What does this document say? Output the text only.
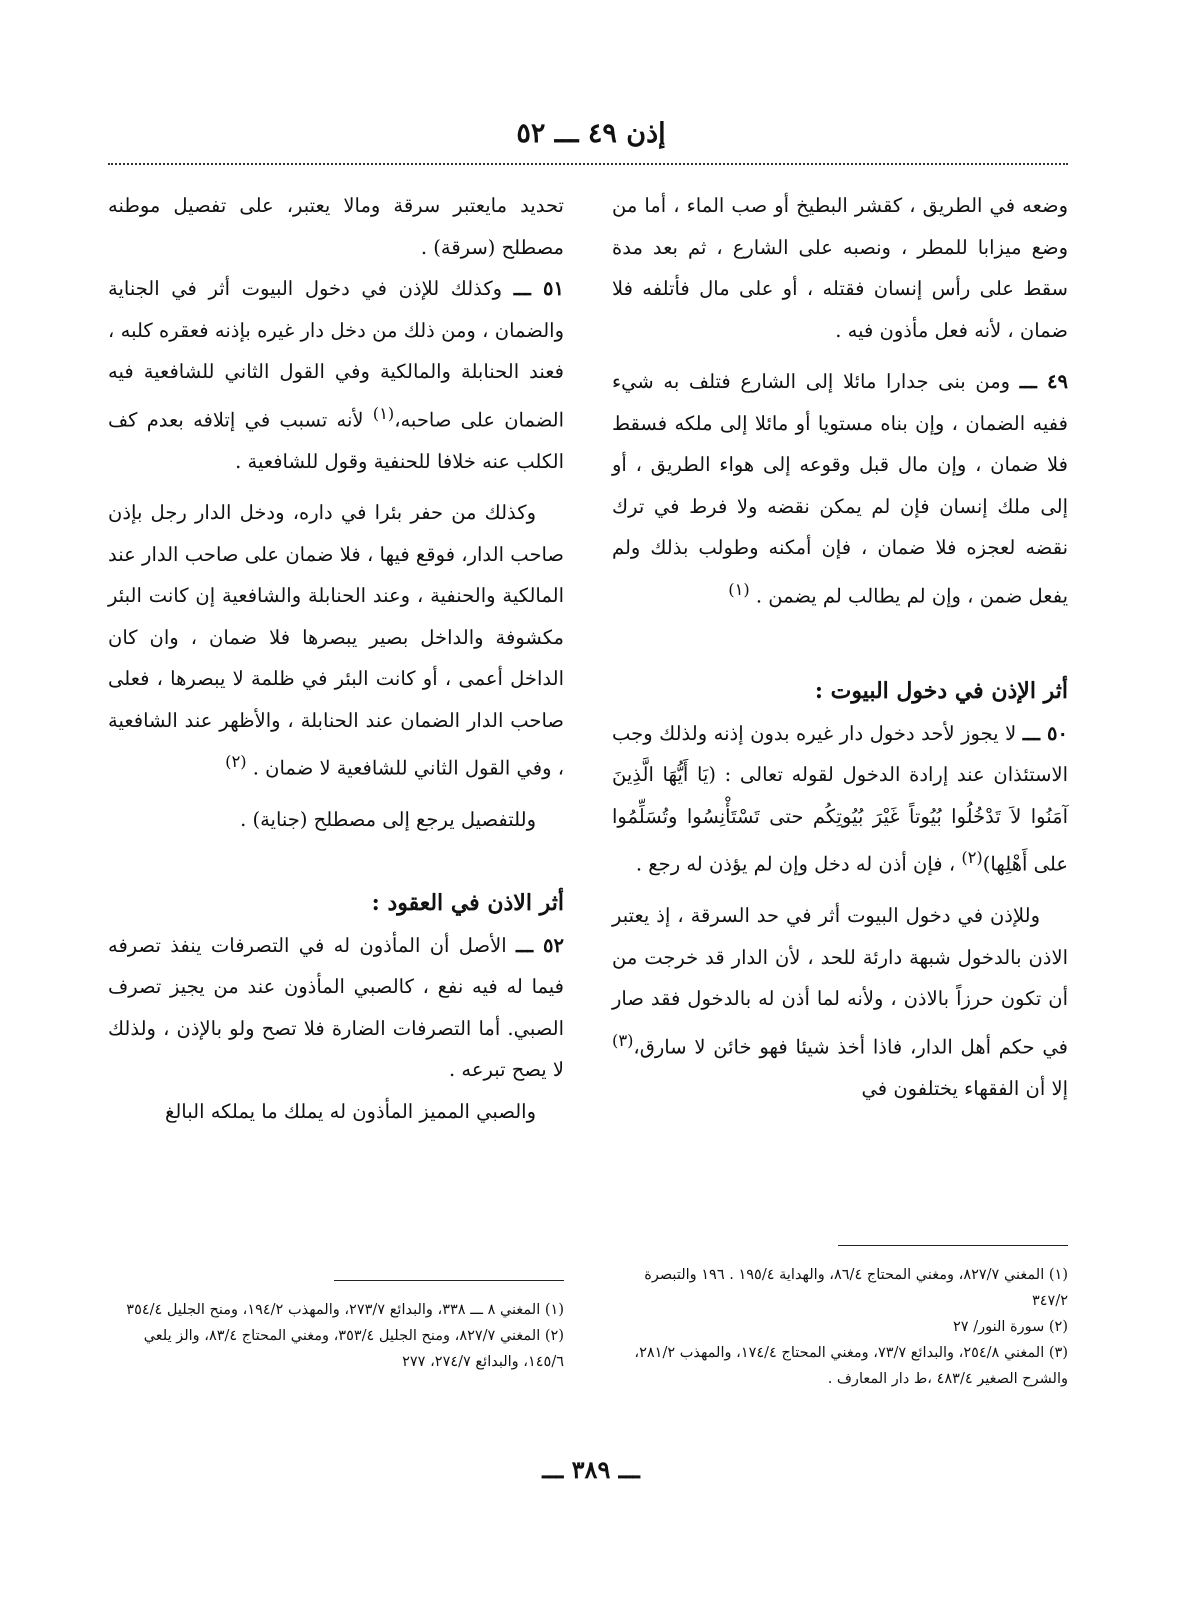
إذن ٤٩ ـــ ٥٢

وضعه في الطريق ، كقشر البطيخ أو صب الماء ، أما من وضع ميزابا للمطر ، ونصبه على الشارع ، ثم بعد مدة سقط على رأس إنسان فقتله ، أو على مال فأتلفه فلا ضمان ، لأنه فعل مأذون فيه .

٤٩ ـــ ومن بنى جدارا مائلا إلى الشارع فتلف به شيء ففيه الضمان ، وإن بناه مستويا أو مائلا إلى ملكه فسقط فلا ضمان ، وإن مال قبل وقوعه إلى هواء الطريق ، أو إلى ملك إنسان فإن لم يمكن نقضه ولا فرط في ترك نقضه لعجزه فلا ضمان ، فإن أمكنه وطولب بذلك ولم يفعل ضمن ، وإن لم يطالب لم يضمن . $^{(١)}$

أثر الإذن في دخول البيوت :

٥٠ ـــ لا يجوز لأحد دخول دار غيره بدون إذنه ولذلك وجب الاستئذان عند إرادة الدخول لقوله تعالى : (يَا أَيُّهَا الَّذِينَ آمَنُوا لاَ تَدْخُلُوا بُيُوتاً غَيْرَ بُيُوتِكُم حتى تَسْتَأْنِسُوا وتُسَلِّمُوا على أَهْلِها)$^{(٢)}$ ، فإن أذن له دخل وإن لم يؤذن له رجع .

وللإذن في دخول البيوت أثر في حد السرقة ، إذ يعتبر الاذن بالدخول شبهة دارئة للحد ، لأن الدار قد خرجت من أن تكون حرزاً بالاذن ، ولأنه لما أذن له بالدخول فقد صار في حكم أهل الدار، فاذا أخذ شيئا فهو خائن لا سارق،$^{(٣)}$ إلا أن الفقهاء يختلفون في

تحديد مايعتبر سرقة ومالا يعتبر، على تفصيل موطنه مصطلح (سرقة) .

٥١ ـــ وكذلك للإذن في دخول البيوت أثر في الجناية والضمان ، ومن ذلك من دخل دار غيره بإذنه فعقره كلبه ، فعند الحنابلة والمالكية وفي القول الثاني للشافعية فيه الضمان على صاحبه،$^{(١)}$ لأنه تسبب في إتلافه بعدم كف الكلب عنه خلافا للحنفية وقول للشافعية .

وكذلك من حفر بئرا في داره، ودخل الدار رجل بإذن صاحب الدار، فوقع فيها ، فلا ضمان على صاحب الدار عند المالكية والحنفية ، وعند الحنابلة والشافعية إن كانت البئر مكشوفة والداخل بصير يبصرها فلا ضمان ، وان كان الداخل أعمى ، أو كانت البئر في ظلمة لا يبصرها ، فعلى صاحب الدار الضمان عند الحنابلة ، والأظهر عند الشافعية ، وفي القول الثاني للشافعية لا ضمان . $^{(٢)}$

وللتفصيل يرجع إلى مصطلح (جناية) .

أثر الاذن في العقود :

٥٢ ـــ الأصل أن المأذون له في التصرفات ينفذ تصرفه فيما له فيه نفع ، كالصبي المأذون عند من يجيز تصرف الصبي. أما التصرفات الضارة فلا تصح ولو بالإذن ، ولذلك لا يصح تبرعه .

والصبي المميز المأذون له يملك ما يملكه البالغ

(١) المغني ٨٢٧/٧، ومغني المحتاج ٨٦/٤، والهداية ١٩٥/٤ . ١٩٦ والتبصرة ٣٤٧/٢

(٢) سورة النور/ ٢٧

(٣) المغني ٢٥٤/٨، والبدائع ٧٣/٧، ومغني المحتاج ١٧٤/٤، والمهذب ٢٨١/٢، والشرح الصغير ٤٨٣/٤ ،ط دار المعارف .

(١) المغني ٨ ـــ ٣٣٨، والبدائع ٢٧٣/٧، والمهذب ١٩٤/٢، ومنح الجليل ٣٥٤/٤

(٢) المغني ٨٢٧/٧، ومنح الجليل ٣٥٣/٤، ومغني المحتاج ٨٣/٤، والز يلعي ١٤٥/٦، والبدائع ٢٧٤/٧، ٢٧٧

ـــ ٣٨٩ ـــ
